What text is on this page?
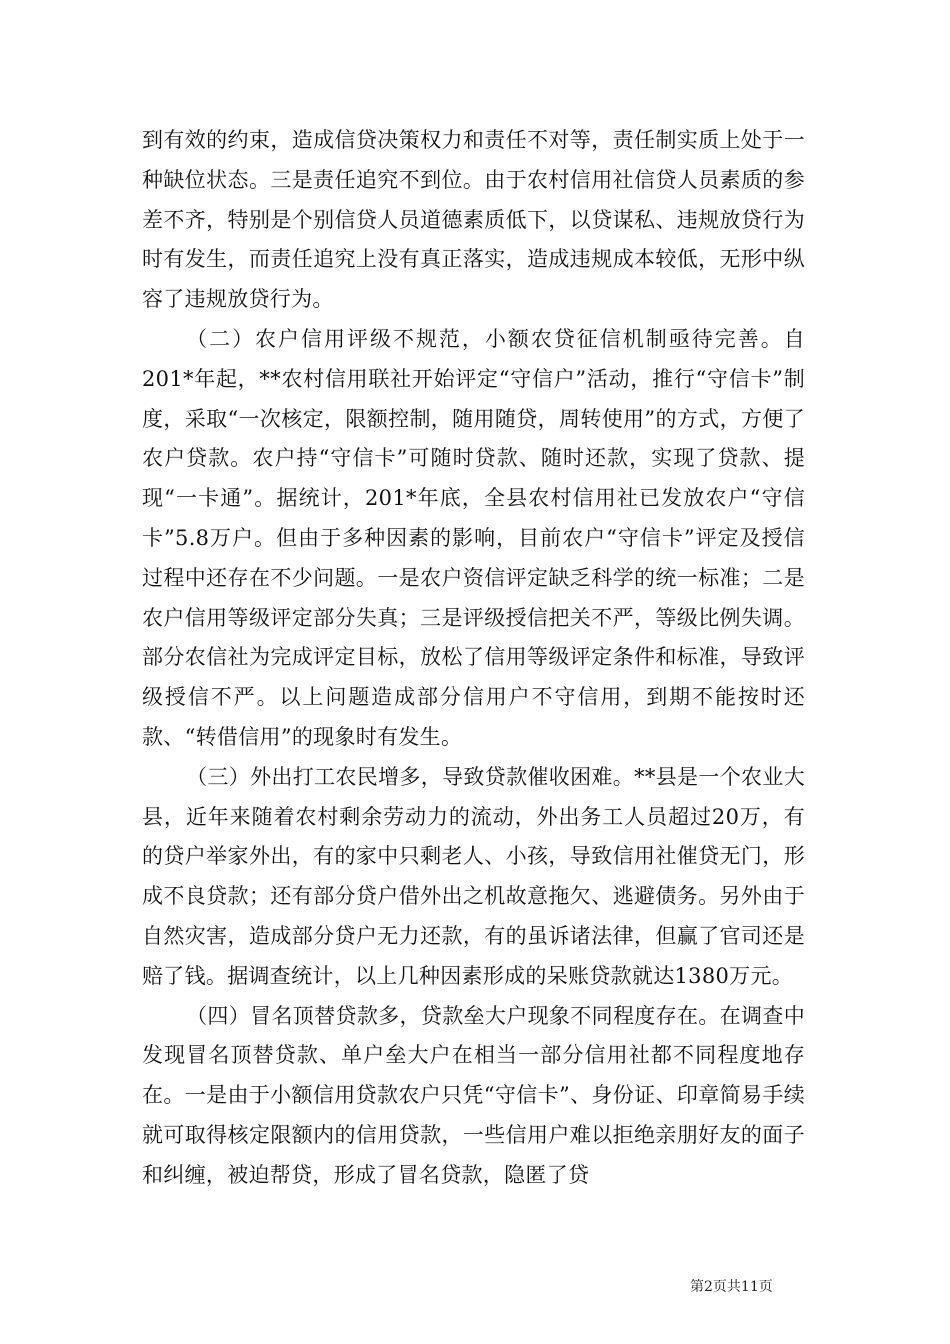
到有效的约束，造成信贷决策权力和责任不对等，责任制实质上处于一种缺位状态。三是责任追究不到位。由于农村信用社信贷人员素质的参差不齐，特别是个别信贷人员道德素质低下，以贷谋私、违规放贷行为时有发生，而责任追究上没有真正落实，造成违规成本较低，无形中纵容了违规放贷行为。

（二）农户信用评级不规范，小额农贷征信机制亟待完善。自201*年起，**农村信用联社开始评定“守信户”活动，推行“守信卡”制度，采取“一次核定，限额控制，随用随贷，周转使用”的方式，方便了农户贷款。农户持“守信卡”可随时贷款、随时还款，实现了贷款、提现“一卡通”。据统计，201*年底，全县农村信用社已发放农户“守信卡”5.8万户。但由于多种因素的影响，目前农户“守信卡”评定及授信过程中还存在不少问题。一是农户资信评定缺乏科学的统一标准；二是农户信用等级评定部分失真；三是评级授信把关不严，等级比例失调。部分农信社为完成评定目标，放松了信用等级评定条件和标准，导致评级授信不严。以上问题造成部分信用户不守信用，到期不能按时还款、“转借信用”的现象时有发生。

（三）外出打工农民增多，导致贷款催收困难。**县是一个农业大县，近年来随着农村剩余劳动力的流动，外出务工人员超过20万，有的贷户举家外出，有的家中只剩老人、小孩，导致信用社催贷无门，形成不良贷款；还有部分贷户借外出之机故意拖欠、逃避债务。另外由于自然灾害，造成部分贷户无力还款，有的虽诉诸法律，但赢了官司还是赔了钱。据调查统计，以上几种因素形成的呆账贷款就达1380万元。

（四）冒名顶替贷款多，贷款垒大户现象不同程度存在。在调查中发现冒名顶替贷款、单户垒大户在相当一部分信用社都不同程度地存在。一是由于小额信用贷款农户只凭“守信卡”、身份证、印章简易手续就可取得核定限额内的信用贷款，一些信用户难以拒绝亲朋好友的面子和纠缠，被迫帮贷，形成了冒名贷款，隐匿了贷

第2页共11页
